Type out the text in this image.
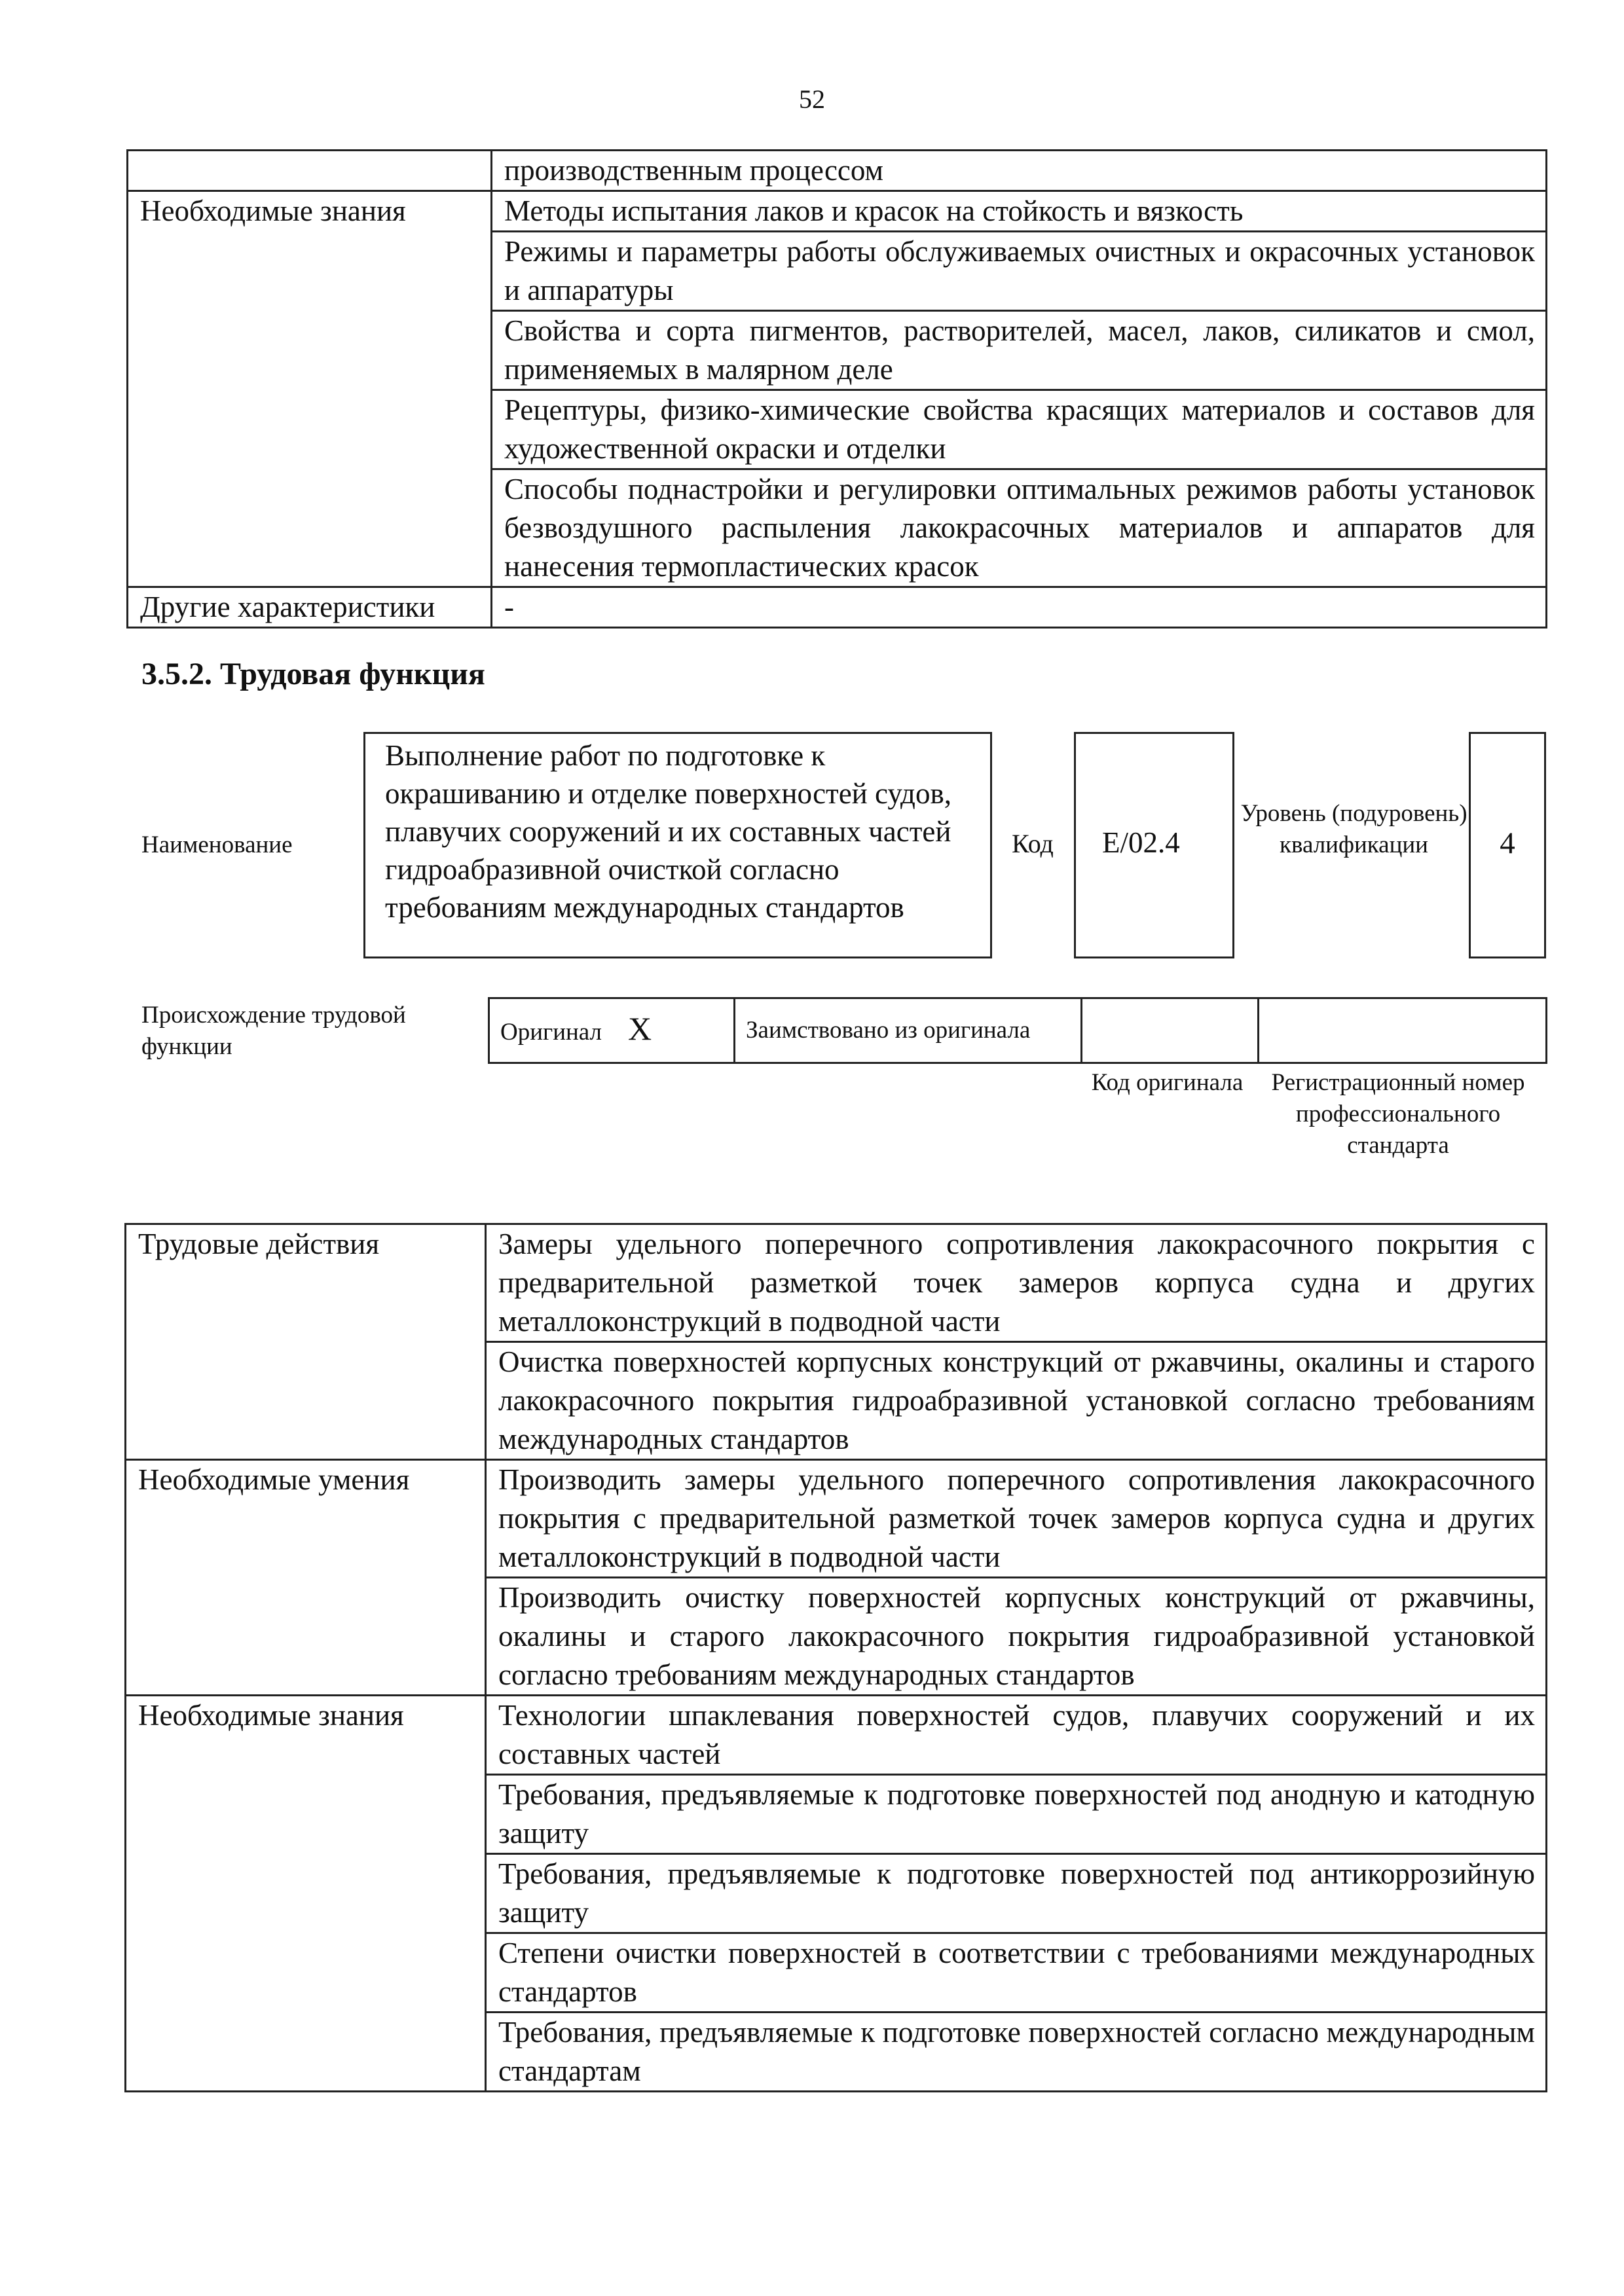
52
	производственным процессом
Необходимые знания	Методы испытания лаков и красок на стойкость и вязкость
	Режимы и параметры работы обслуживаемых очистных и окрасочных установок и аппаратуры
	Свойства и сорта пигментов, растворителей, масел, лаков, силикатов и смол, применяемых в малярном деле
	Рецептуры, физико-химические свойства красящих материалов и составов для художественной окраски и отделки
	Способы поднастройки и регулировки оптимальных режимов работы установок безвоздушного распыления лакокрасочных материалов и аппаратов для нанесения термопластических красок
Другие характеристики	-
3.5.2. Трудовая функция
Наименование
Выполнение работ по подготовке к окрашиванию и отделке поверхностей судов, плавучих сооружений и их составных частей гидроабразивной очисткой согласно требованиям международных стандартов
Код	E/02.4
Уровень (подуровень) квалификации	4
Происхождение трудовой функции
Оригинал X	Заимствовано из оригинала		
Код оригинала	Регистрационный номер профессионального стандарта
Трудовые действия	Замеры удельного поперечного сопротивления лакокрасочного покрытия с предварительной разметкой точек замеров корпуса судна и других металлоконструкций в подводной части
	Очистка поверхностей корпусных конструкций от ржавчины, окалины и старого лакокрасочного покрытия гидроабразивной установкой согласно требованиям международных стандартов
Необходимые умения	Производить замеры удельного поперечного сопротивления лакокрасочного покрытия с предварительной разметкой точек замеров корпуса судна и других металлоконструкций в подводной части
	Производить очистку поверхностей корпусных конструкций от ржавчины, окалины и старого лакокрасочного покрытия гидроабразивной установкой согласно требованиям международных стандартов
Необходимые знания	Технологии шпаклевания поверхностей судов, плавучих сооружений и их составных частей
	Требования, предъявляемые к подготовке поверхностей под анодную и катодную защиту
	Требования, предъявляемые к подготовке поверхностей под антикоррозийную защиту
	Степени очистки поверхностей в соответствии с требованиями международных стандартов
	Требования, предъявляемые к подготовке поверхностей согласно международным стандартам
